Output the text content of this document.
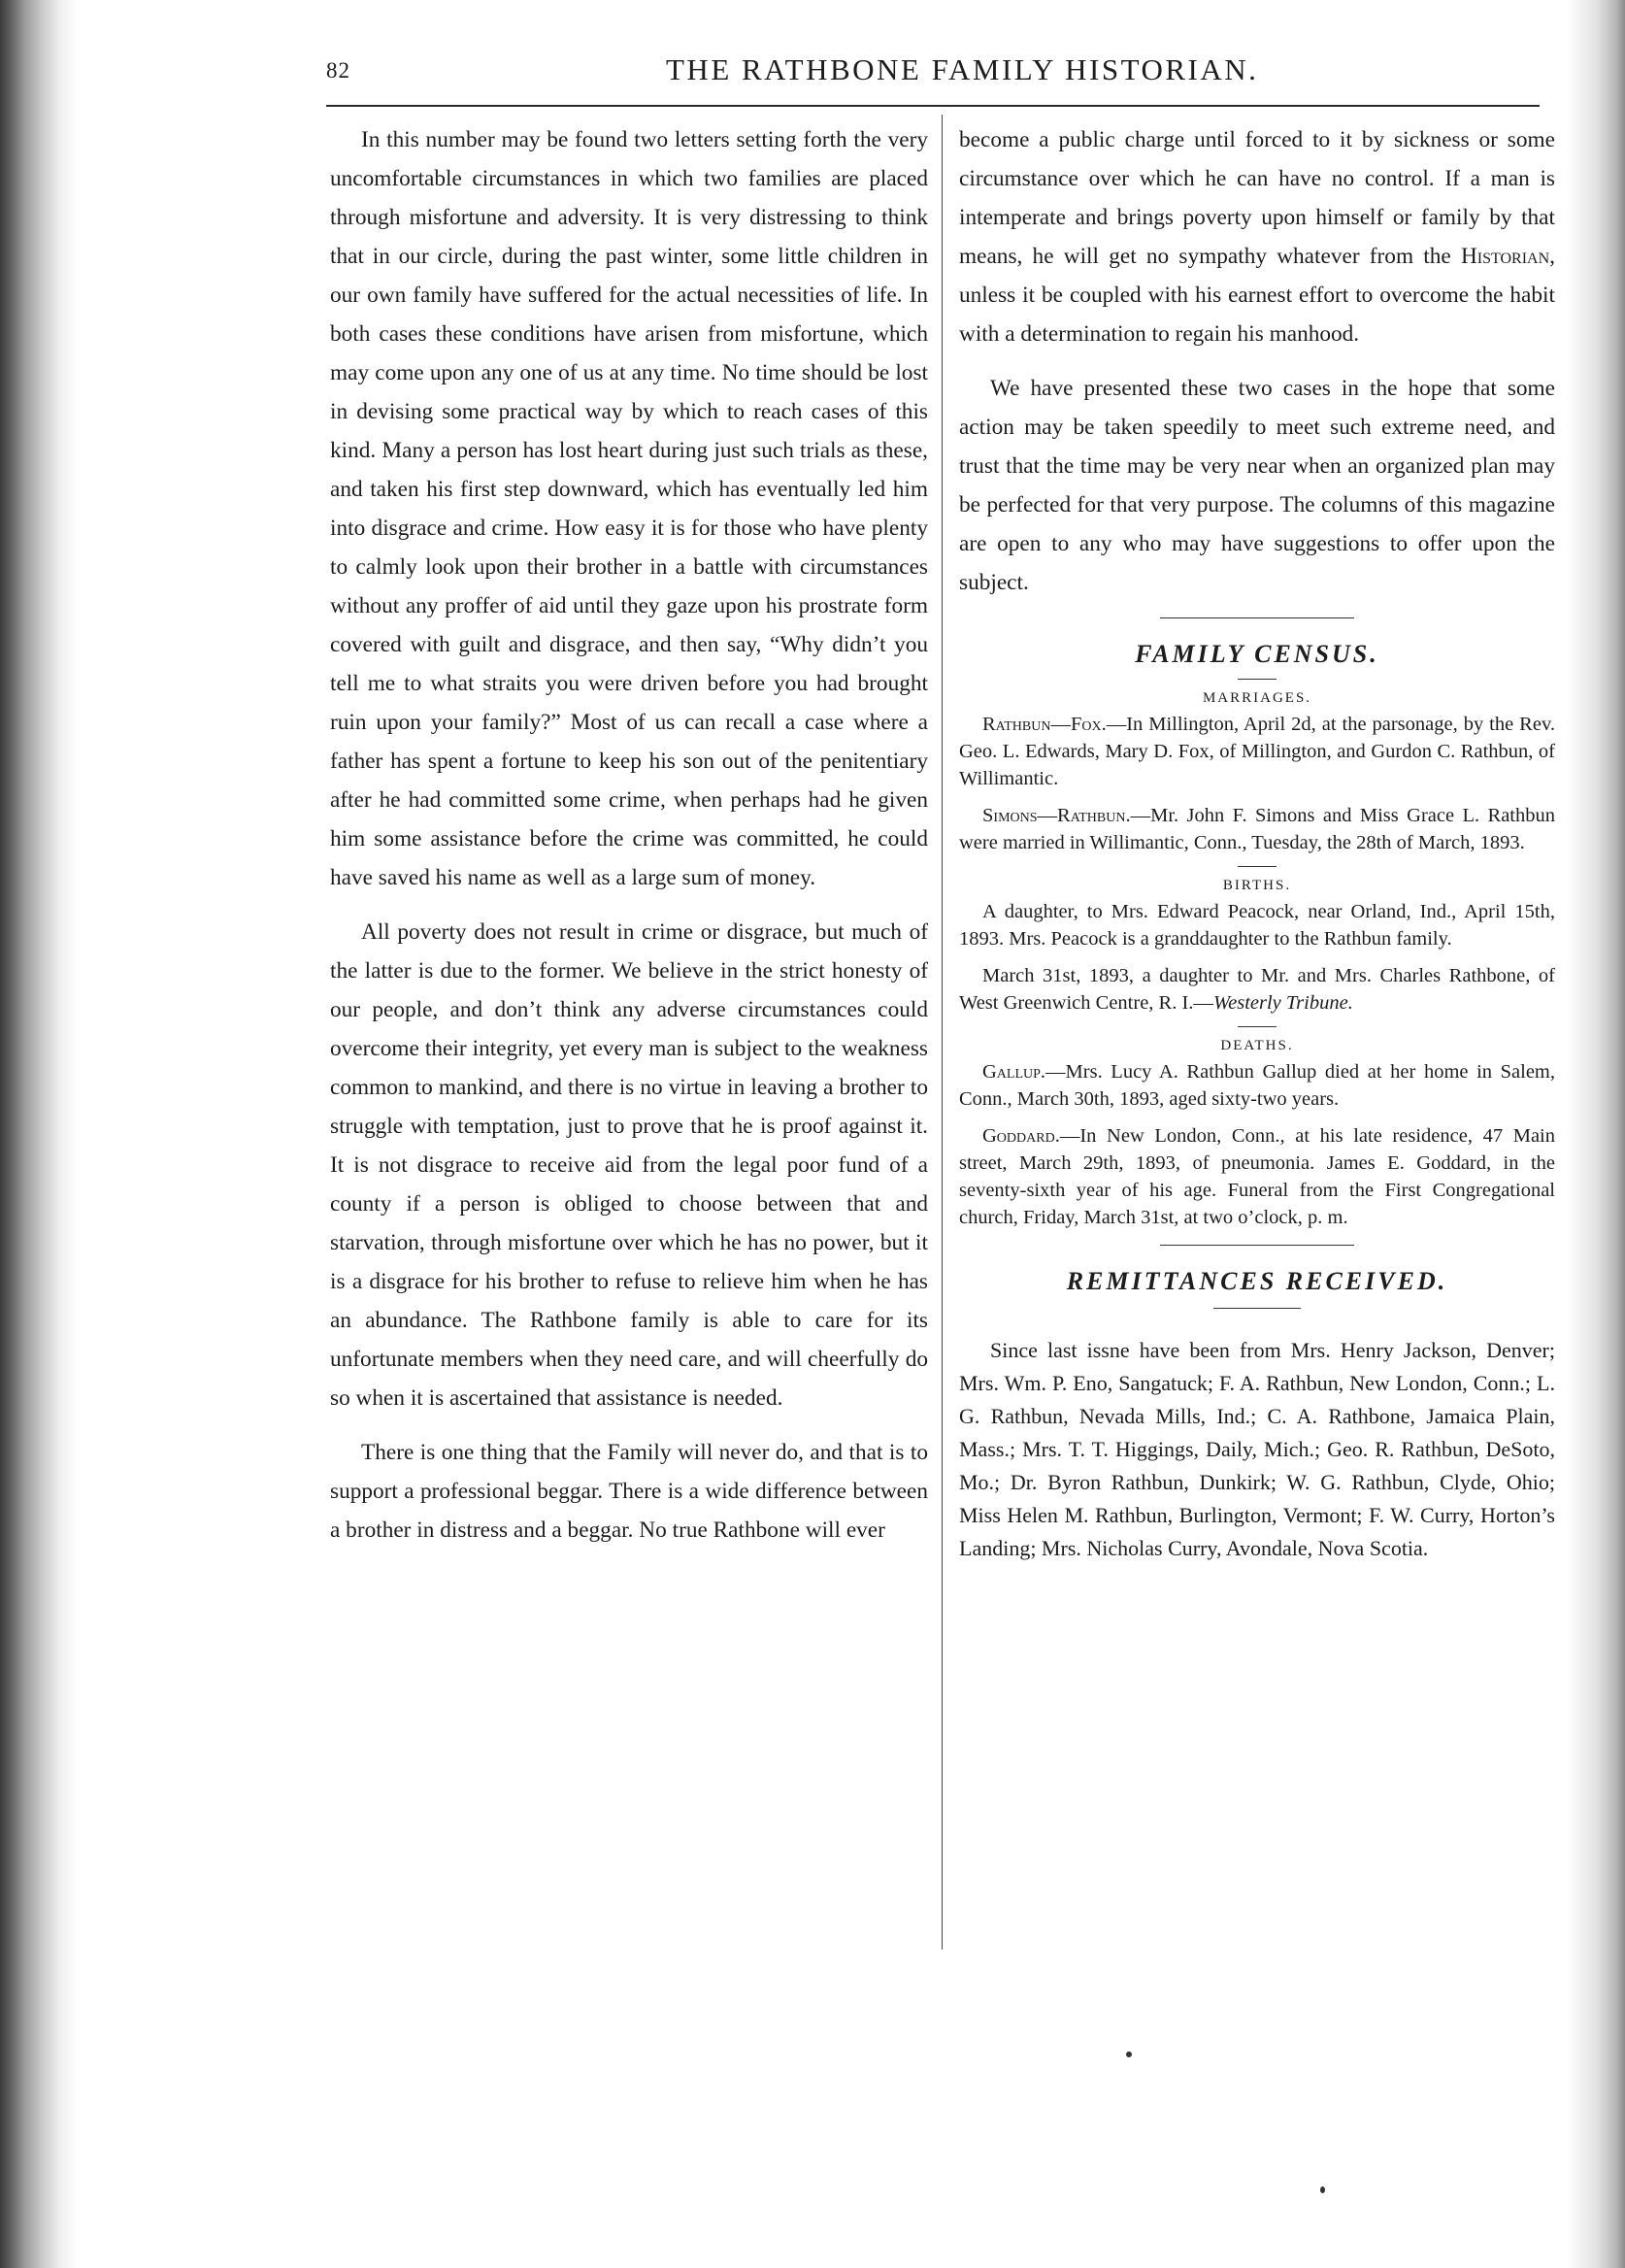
82	THE RATHBONE FAMILY HISTORIAN.

In this number may be found two letters setting forth the very uncomfortable circumstances in which two families are placed through misfortune and adversity. It is very distressing to think that in our circle, during the past winter, some little children in our own family have suffered for the actual necessities of life. In both cases these conditions have arisen from misfortune, which may come upon any one of us at any time. No time should be lost in devising some practical way by which to reach cases of this kind. Many a person has lost heart during just such trials as these, and taken his first step downward, which has eventually led him into disgrace and crime. How easy it is for those who have plenty to calmly look upon their brother in a battle with circumstances without any proffer of aid until they gaze upon his prostrate form covered with guilt and disgrace, and then say, “Why didn’t you tell me to what straits you were driven before you had brought ruin upon your family?” Most of us can recall a case where a father has spent a fortune to keep his son out of the penitentiary after he had committed some crime, when perhaps had he given him some assistance before the crime was committed, he could have saved his name as well as a large sum of money.

All poverty does not result in crime or disgrace, but much of the latter is due to the former. We believe in the strict honesty of our people, and don’t think any adverse circumstances could overcome their integrity, yet every man is subject to the weakness common to mankind, and there is no virtue in leaving a brother to struggle with temptation, just to prove that he is proof against it. It is not disgrace to receive aid from the legal poor fund of a county if a person is obliged to choose between that and starvation, through misfortune over which he has no power, but it is a disgrace for his brother to refuse to relieve him when he has an abundance. The Rathbone family is able to care for its unfortunate members when they need care, and will cheerfully do so when it is ascertained that assistance is needed.

There is one thing that the Family will never do, and that is to support a professional beggar. There is a wide difference between a brother in distress and a beggar. No true Rathbone will ever

become a public charge until forced to it by sickness or some circumstance over which he can have no control. If a man is intemperate and brings poverty upon himself or family by that means, he will get no sympathy whatever from the Historian, unless it be coupled with his earnest effort to overcome the habit with a determination to regain his manhood.

We have presented these two cases in the hope that some action may be taken speedily to meet such extreme need, and trust that the time may be very near when an organized plan may be perfected for that very purpose. The columns of this magazine are open to any who may have suggestions to offer upon the subject.

FAMILY CENSUS.
MARRIAGES.

Rathbun—Fox.—In Millington, April 2d, at the parsonage, by the Rev. Geo. L. Edwards, Mary D. Fox, of Millington, and Gurdon C. Rathbun, of Willimantic.

Simons—Rathbun.—Mr. John F. Simons and Miss Grace L. Rathbun were married in Willimantic, Conn., Tuesday, the 28th of March, 1893.

BIRTHS.

A daughter, to Mrs. Edward Peacock, near Orland, Ind., April 15th, 1893. Mrs. Peacock is a granddaughter to the Rathbun family.

March 31st, 1893, a daughter to Mr. and Mrs. Charles Rathbone, of West Greenwich Centre, R. I.—Westerly Tribune.

DEATHS.

Gallup.—Mrs. Lucy A. Rathbun Gallup died at her home in Salem, Conn., March 30th, 1893, aged sixty-two years.

Goddard.—In New London, Conn., at his late residence, 47 Main street, March 29th, 1893, of pneumonia. James E. Goddard, in the seventy-sixth year of his age. Funeral from the First Congregational church, Friday, March 31st, at two o’clock, p. m.

REMITTANCES RECEIVED.

Since last issne have been from Mrs. Henry Jackson, Denver; Mrs. Wm. P. Eno, Sangatuck; F. A. Rathbun, New London, Conn.; L. G. Rathbun, Nevada Mills, Ind.; C. A. Rathbone, Jamaica Plain, Mass.; Mrs. T. T. Higgings, Daily, Mich.; Geo. R. Rathbun, DeSoto, Mo.; Dr. Byron Rathbun, Dunkirk; W. G. Rathbun, Clyde, Ohio; Miss Helen M. Rathbun, Burlington, Vermont; F. W. Curry, Horton’s Landing; Mrs. Nicholas Curry, Avondale, Nova Scotia.
